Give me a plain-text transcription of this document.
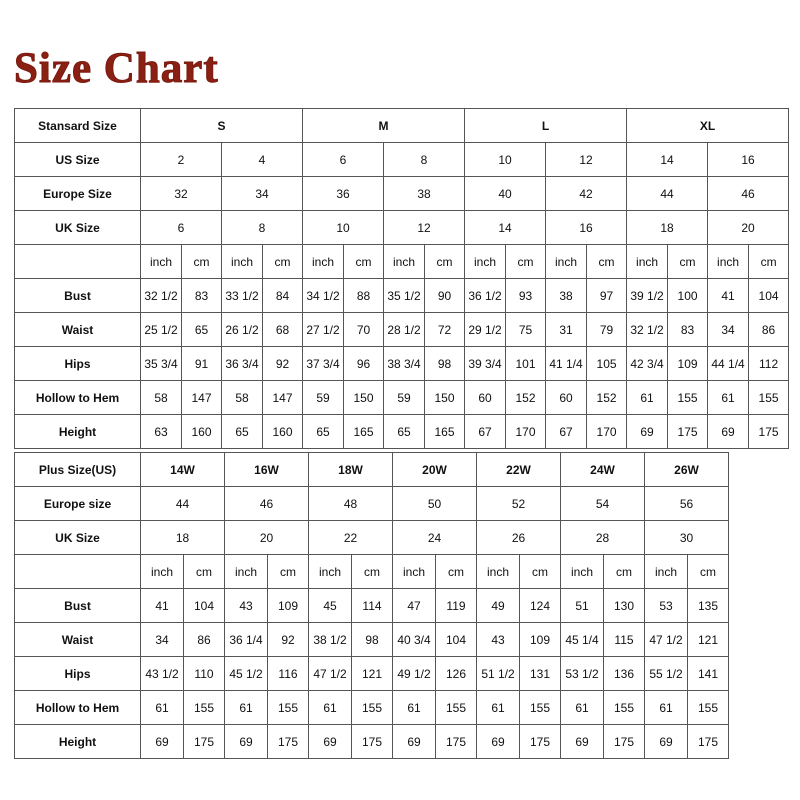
Size Chart
Stansard Size	S				M				L				XL			
US Size	2		4		6		8		10		12		14		16	
Europe Size	32		34		36		38		40		42		44		46	
UK Size	6		8		10		12		14		16		18		20	
	inch	cm	inch	cm	inch	cm	inch	cm	inch	cm	inch	cm	inch	cm	inch	cm
Bust	32 1/2	83	33 1/2	84	34 1/2	88	35 1/2	90	36 1/2	93	38	97	39 1/2	100	41	104
Waist	25 1/2	65	26 1/2	68	27 1/2	70	28 1/2	72	29 1/2	75	31	79	32 1/2	83	34	86
Hips	35 3/4	91	36 3/4	92	37 3/4	96	38 3/4	98	39 3/4	101	41 1/4	105	42 3/4	109	44 1/4	112
Hollow to Hem	58	147	58	147	59	150	59	150	60	152	60	152	61	155	61	155
Height	63	160	65	160	65	165	65	165	67	170	67	170	69	175	69	175
Plus Size(US)	14W		16W		18W		20W		22W		24W		26W	
Europe size	44		46		48		50		52		54		56	
UK Size	18		20		22		24		26		28		30	
	inch	cm	inch	cm	inch	cm	inch	cm	inch	cm	inch	cm	inch	cm
Bust	41	104	43	109	45	114	47	119	49	124	51	130	53	135
Waist	34	86	36 1/4	92	38 1/2	98	40 3/4	104	43	109	45 1/4	115	47 1/2	121
Hips	43 1/2	110	45 1/2	116	47 1/2	121	49 1/2	126	51 1/2	131	53 1/2	136	55 1/2	141
Hollow to Hem	61	155	61	155	61	155	61	155	61	155	61	155	61	155
Height	69	175	69	175	69	175	69	175	69	175	69	175	69	175
